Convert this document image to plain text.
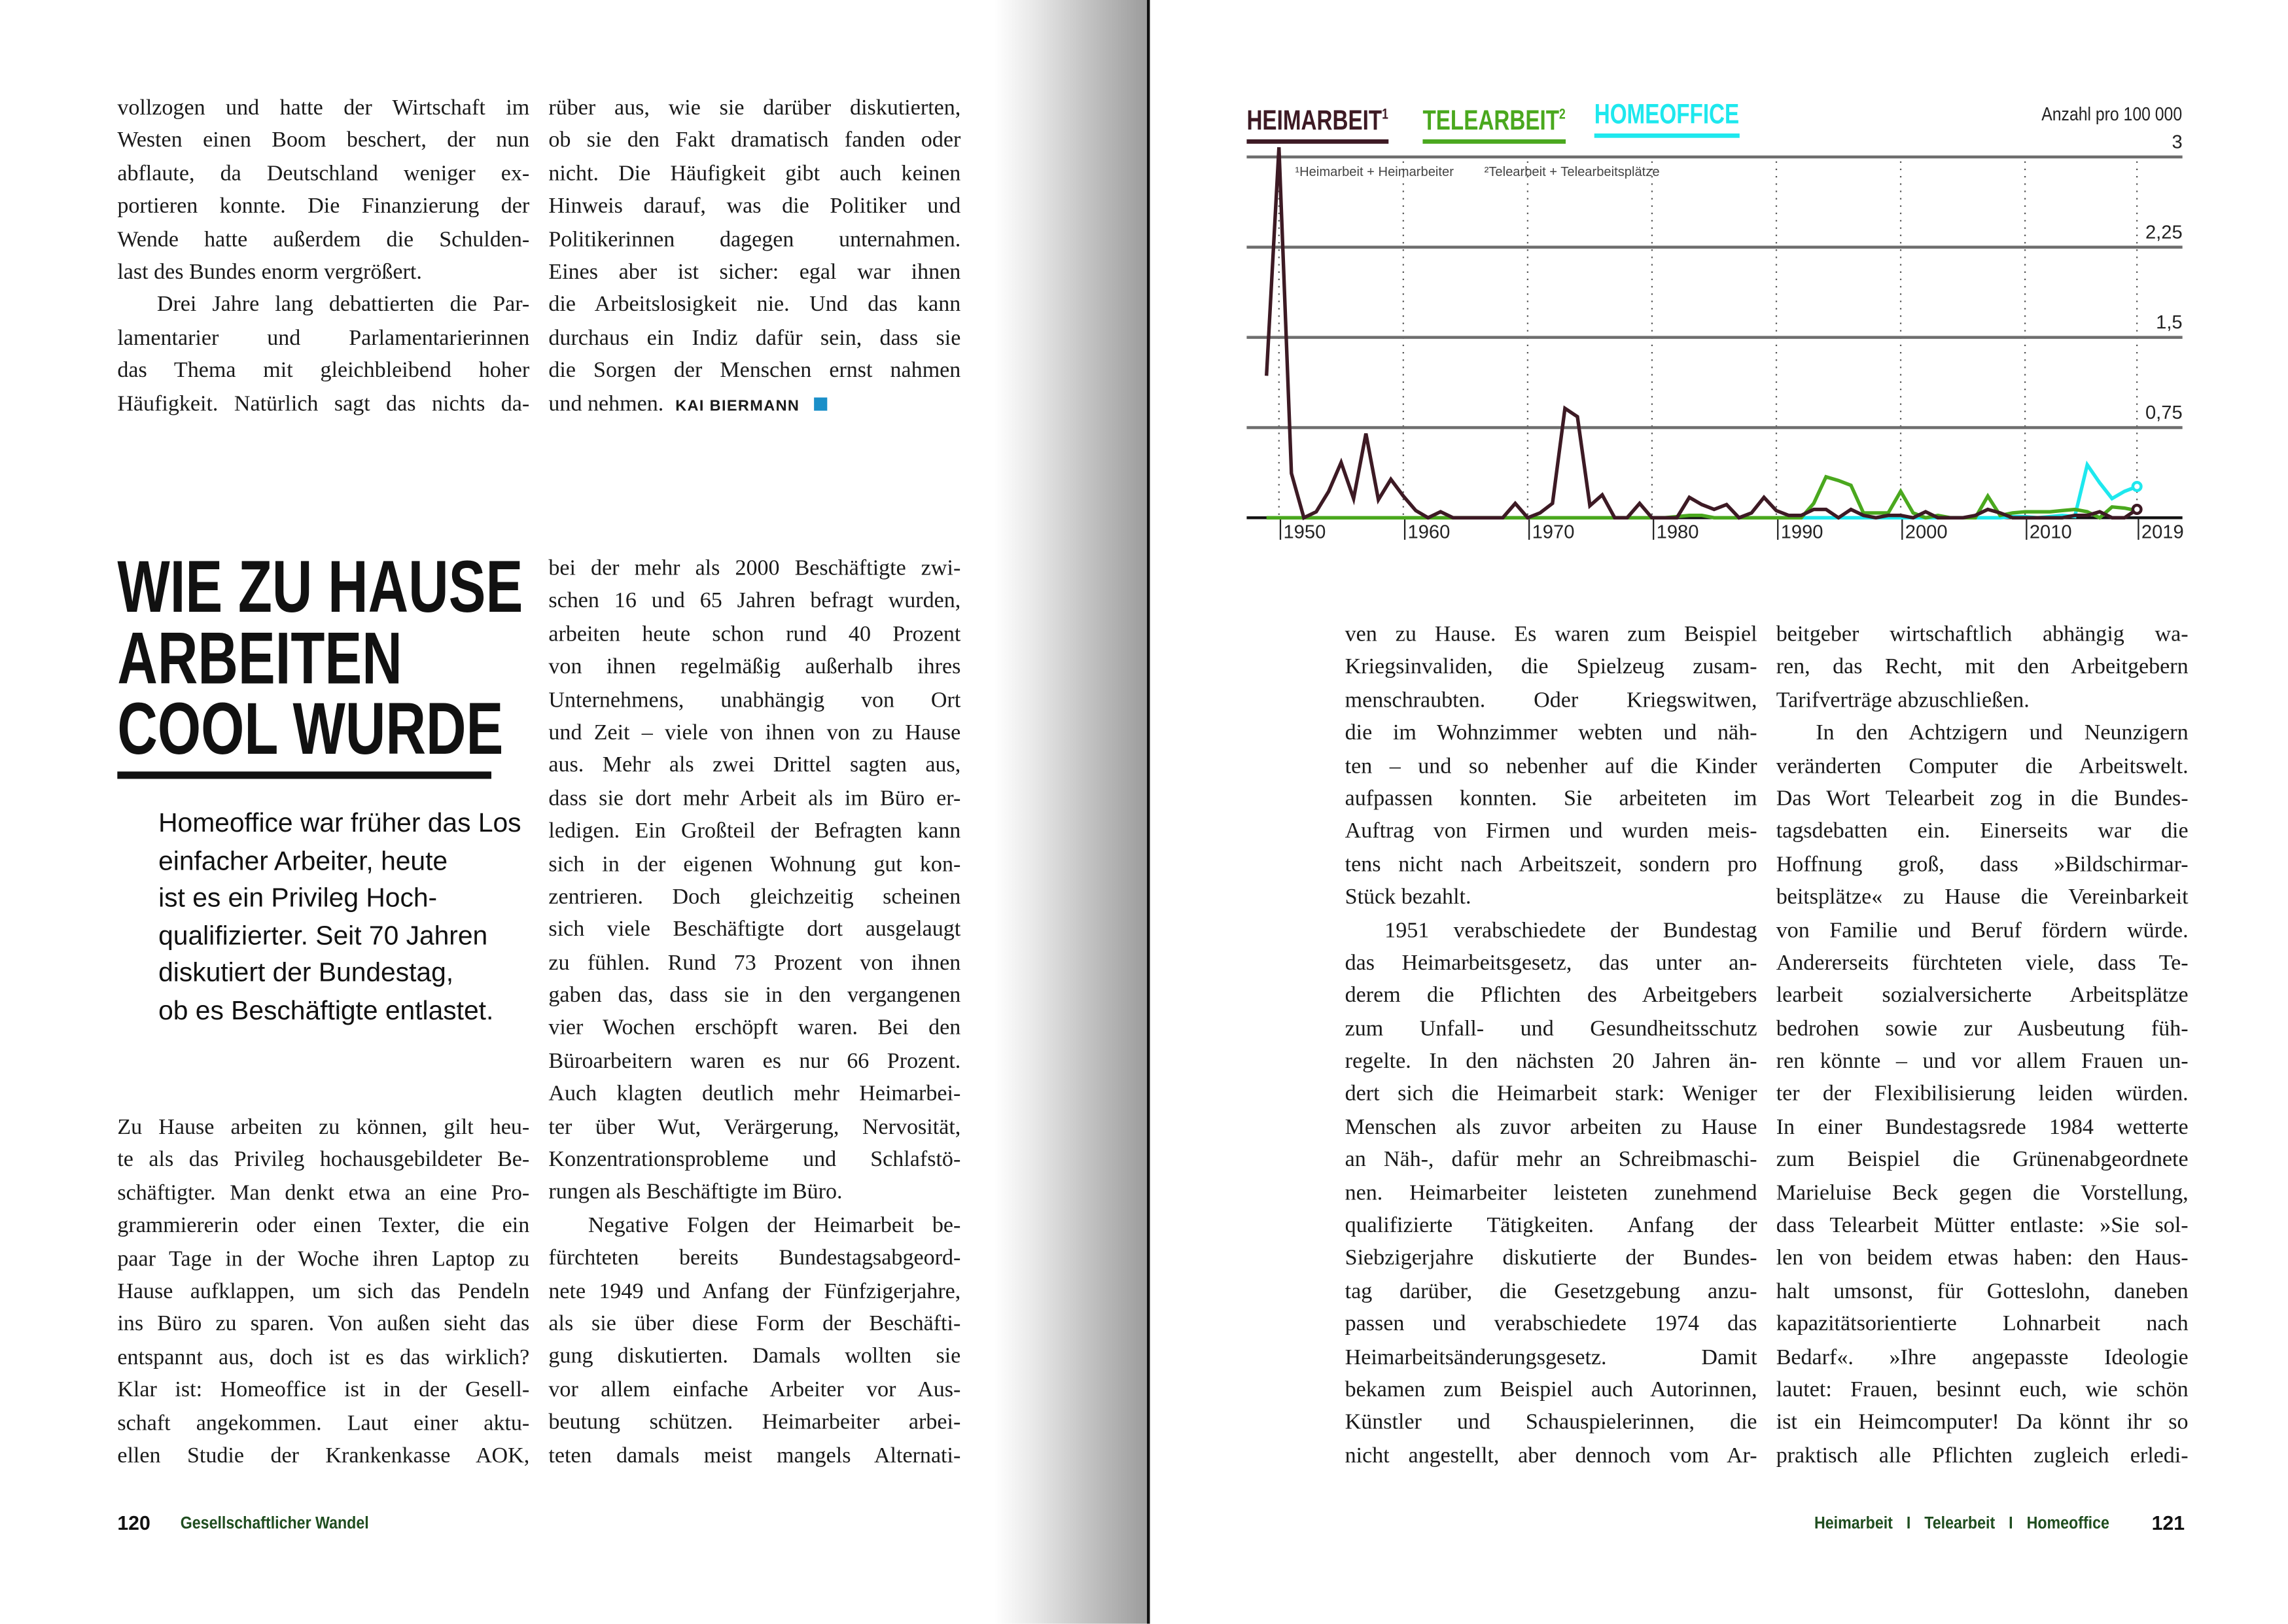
vollzogen und hatte der Wirtschaft im
Westen einen Boom beschert, der nun
abflaute, da Deutschland weniger ex-
portieren konnte. Die Finanzierung der
Wende hatte außerdem die Schulden-
last des Bundes enorm vergrößert.
Drei Jahre lang debattierten die Par-
lamentarier und Parlamentarierinnen
das Thema mit gleichbleibend hoher
Häufigkeit. Natürlich sagt das nichts da-
rüber aus, wie sie darüber diskutierten,
ob sie den Fakt dramatisch fanden oder
nicht. Die Häufigkeit gibt auch keinen
Hinweis darauf, was die Politiker und
Politikerinnen dagegen unternahmen.
Eines aber ist sicher: egal war ihnen
die Arbeitslosigkeit nie. Und das kann
durchaus ein Indiz dafür sein, dass sie
die Sorgen der Menschen ernst nahmen
und nehmen. KAI BIERMANN
WIE ZU HAUSE
ARBEITEN
COOL WURDE
Homeoffice war früher das Los
einfacher Arbeiter, heute
ist es ein Privileg Hoch-
qualifizierter. Seit 70 Jahren
diskutiert der Bundestag,
ob es Beschäftigte entlastet.
Zu Hause arbeiten zu können, gilt heu-
te als das Privileg hochausgebildeter Be-
schäftigter. Man denkt etwa an eine Pro-
grammiererin oder einen Texter, die ein
paar Tage in der Woche ihren Laptop zu
Hause aufklappen, um sich das Pendeln
ins Büro zu sparen. Von außen sieht das
entspannt aus, doch ist es das wirklich?
Klar ist: Homeoffice ist in der Gesell-
schaft angekommen. Laut einer aktu-
ellen Studie der Krankenkasse AOK,
bei der mehr als 2000 Beschäftigte zwi-
schen 16 und 65 Jahren befragt wurden,
arbeiten heute schon rund 40 Prozent
von ihnen regelmäßig außerhalb ihres
Unternehmens, unabhängig von Ort
und Zeit – viele von ihnen von zu Hause
aus. Mehr als zwei Drittel sagten aus,
dass sie dort mehr Arbeit als im Büro er-
ledigen. Ein Großteil der Befragten kann
sich in der eigenen Wohnung gut kon-
zentrieren. Doch gleichzeitig scheinen
sich viele Beschäftigte dort ausgelaugt
zu fühlen. Rund 73 Prozent von ihnen
gaben das, dass sie in den vergangenen
vier Wochen erschöpft waren. Bei den
Büroarbeitern waren es nur 66 Prozent.
Auch klagten deutlich mehr Heimarbei-
ter über Wut, Verärgerung, Nervosität,
Konzentrationsprobleme und Schlafstö-
rungen als Beschäftigte im Büro.
Negative Folgen der Heimarbeit be-
fürchteten bereits Bundestagsabgeord-
nete 1949 und Anfang der Fünfzigerjahre,
als sie über diese Form der Beschäfti-
gung diskutierten. Damals wollten sie
vor allem einfache Arbeiter vor Aus-
beutung schützen. Heimarbeiter arbei-
teten damals meist mangels Alternati-
120	Gesellschaftlicher Wandel
HEIMARBEIT$^1$	TELEARBEIT$^2$ HOMEOFFICE	Anzahl pro 100 000
1950	1960	1970	1980	1990	2000	2010	2019
3
2,25
1,5
0,75
¹Heimarbeit + Heimarbeiter	²Telearbeit + Telearbeitsplätze
ven zu Hause. Es waren zum Beispiel
Kriegsinvaliden, die Spielzeug zusam-
menschraubten. Oder Kriegswitwen,
die im Wohnzimmer webten und näh-
ten – und so nebenher auf die Kinder
aufpassen konnten. Sie arbeiteten im
Auftrag von Firmen und wurden meis-
tens nicht nach Arbeitszeit, sondern pro
Stück bezahlt.
1951 verabschiedete der Bundestag
das Heimarbeitsgesetz, das unter an-
derem die Pflichten des Arbeitgebers
zum Unfall- und Gesundheitsschutz
regelte. In den nächsten 20 Jahren än-
dert sich die Heimarbeit stark: Weniger
Menschen als zuvor arbeiten zu Hause
an Näh-, dafür mehr an Schreibmaschi-
nen. Heimarbeiter leisteten zunehmend
qualifizierte Tätigkeiten. Anfang der
Siebzigerjahre diskutierte der Bundes-
tag darüber, die Gesetzgebung anzu-
passen und verabschiedete 1974 das
Heimarbeitsänderungsgesetz. Damit
bekamen zum Beispiel auch Autorinnen,
Künstler und Schauspielerinnen, die
nicht angestellt, aber dennoch vom Ar-
beitgeber wirtschaftlich abhängig wa-
ren, das Recht, mit den Arbeitgebern
Tarifverträge abzuschließen.
In den Achtzigern und Neunzigern
veränderten Computer die Arbeitswelt.
Das Wort Telearbeit zog in die Bundes-
tagsdebatten ein. Einerseits war die
Hoffnung groß, dass »Bildschirmar-
beitsplätze« zu Hause die Vereinbarkeit
von Familie und Beruf fördern würde.
Andererseits fürchteten viele, dass Te-
learbeit sozialversicherte Arbeitsplätze
bedrohen sowie zur Ausbeutung füh-
ren könnte – und vor allem Frauen un-
ter der Flexibilisierung leiden würden.
In einer Bundestagsrede 1984 wetterte
zum Beispiel die Grünenabgeordnete
Marieluise Beck gegen die Vorstellung,
dass Telearbeit Mütter entlaste: »Sie sol-
len von beidem etwas haben: den Haus-
halt umsonst, für Gotteslohn, daneben
kapazitätsorientierte Lohnarbeit nach
Bedarf«. »Ihre angepasste Ideologie
lautet: Frauen, besinnt euch, wie schön
ist ein Heimcomputer! Da könnt ihr so
praktisch alle Pflichten zugleich erledi-
Heimarbeit I Telearbeit I Homeoffice	121
